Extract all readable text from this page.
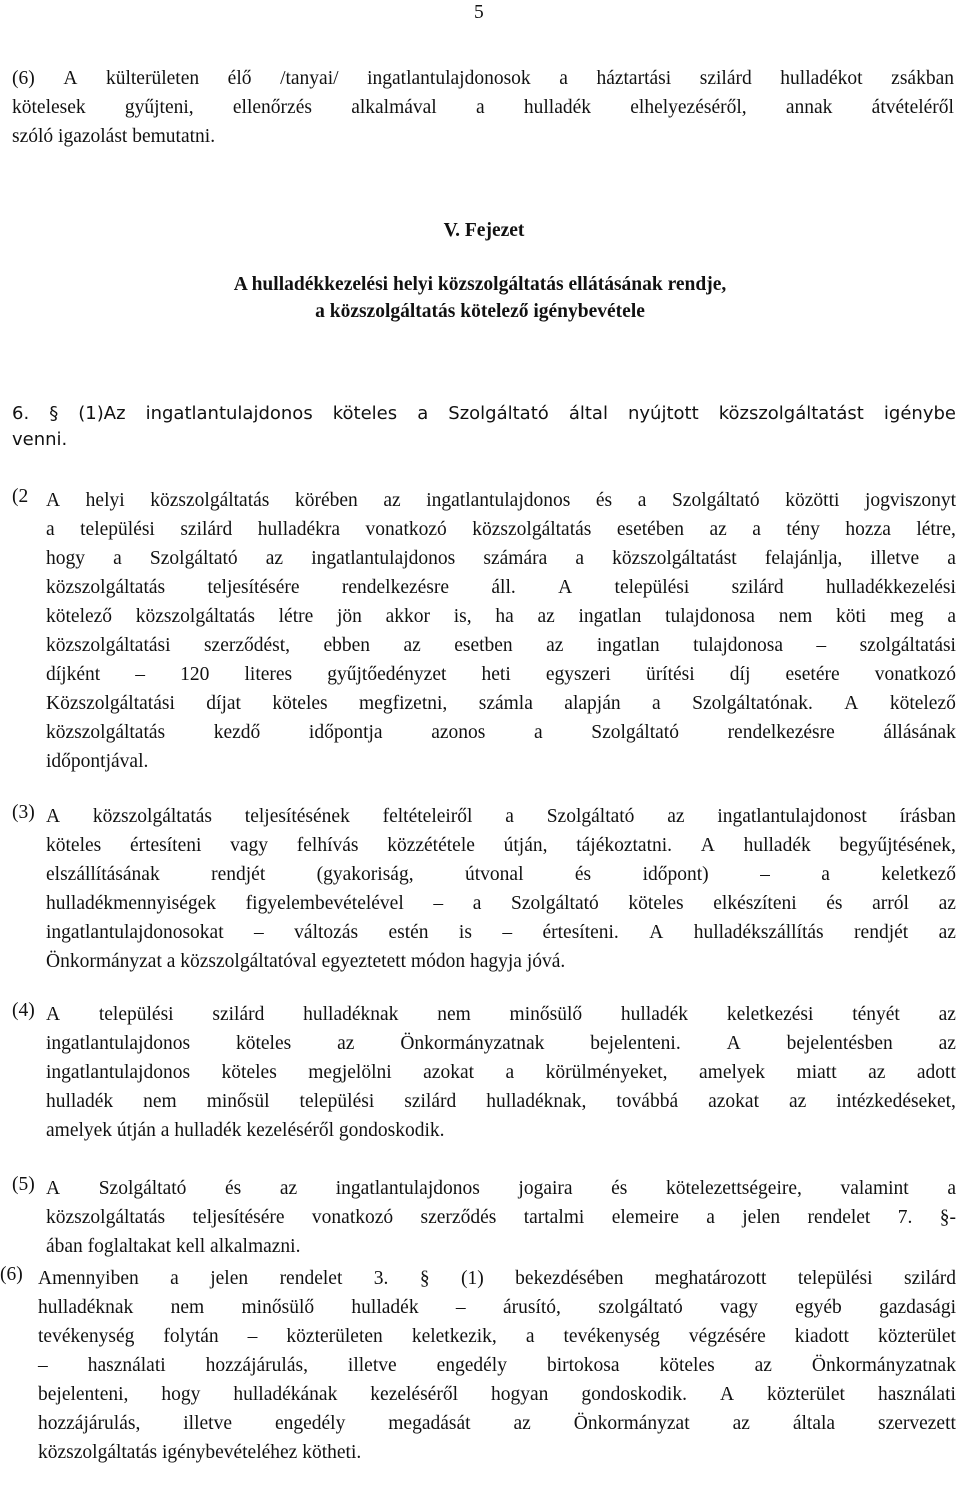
5
(6) A külterületen élő /tanyai/ ingatlantulajdonosok a háztartási szilárd hulladékot zsákban
kötelesek gyűjteni, ellenőrzés alkalmával a hulladék elhelyezéséről, annak átvételéről
szóló igazolást bemutatni.
V. Fejezet
A hulladékkezelési helyi közszolgáltatás ellátásának rendje,
a közszolgáltatás kötelező igénybevétele
6. § (1)Az ingatlantulajdonos köteles a Szolgáltató által nyújtott közszolgáltatást igénybe
venni.
(2 A helyi közszolgáltatás körében az ingatlantulajdonos és a Szolgáltató közötti jogviszonyt
a települési szilárd hulladékra vonatkozó közszolgáltatás esetében az a tény hozza létre,
hogy a Szolgáltató az ingatlantulajdonos számára a közszolgáltatást felajánlja, illetve a
közszolgáltatás teljesítésére rendelkezésre áll. A települési szilárd hulladékkezelési
kötelező közszolgáltatás létre jön akkor is, ha az ingatlan tulajdonosa nem köti meg a
közszolgáltatási szerződést, ebben az esetben az ingatlan tulajdonosa – szolgáltatási
díjként – 120 literes gyűjtőedényzet heti egyszeri ürítési díj esetére vonatkozó
Közszolgáltatási díjat köteles megfizetni, számla alapján a Szolgáltatónak. A kötelező
közszolgáltatás kezdő időpontja azonos a Szolgáltató rendelkezésre állásának
időpontjával.
(3) A közszolgáltatás teljesítésének feltételeiről a Szolgáltató az ingatlantulajdonost írásban
köteles értesíteni vagy felhívás közzététele útján, tájékoztatni. A hulladék begyűjtésének,
elszállításának	rendjét	(gyakoriság,	útvonal	és	időpont)	–	a	keletkező
hulladékmennyiségek figyelembevételével – a Szolgáltató köteles elkészíteni és arról az
ingatlantulajdonosokat – változás estén is – értesíteni. A hulladékszállítás rendjét az
Önkormányzat a közszolgáltatóval egyeztetett módon hagyja jóvá.
(4) A települési szilárd hulladéknak nem minősülő hulladék keletkezési tényét az
ingatlantulajdonos köteles az Önkormányzatnak bejelenteni. A bejelentésben az
ingatlantulajdonos köteles megjelölni azokat a körülményeket, amelyek miatt az adott
hulladék nem minősül települési szilárd hulladéknak, továbbá azokat az intézkedéseket,
amelyek útján a hulladék kezeléséről gondoskodik.
(5) A Szolgáltató és az ingatlantulajdonos jogaira és kötelezettségeire, valamint a
közszolgáltatás teljesítésére vonatkozó szerződés tartalmi elemeire a jelen rendelet 7. §-
ában foglaltakat kell alkalmazni.
(6) Amennyiben a jelen rendelet 3. § (1) bekezdésében meghatározott települési szilárd
hulladéknak nem minősülő hulladék – árusító, szolgáltató vagy egyéb gazdasági
tevékenység folytán – közterületen keletkezik, a tevékenység végzésére kiadott közterület
– használati hozzájárulás, illetve engedély birtokosa köteles az Önkormányzatnak
bejelenteni, hogy hulladékának kezeléséről hogyan gondoskodik. A közterület használati
hozzájárulás, illetve engedély megadását az Önkormányzat az általa szervezett
közszolgáltatás igénybevételéhez kötheti.
